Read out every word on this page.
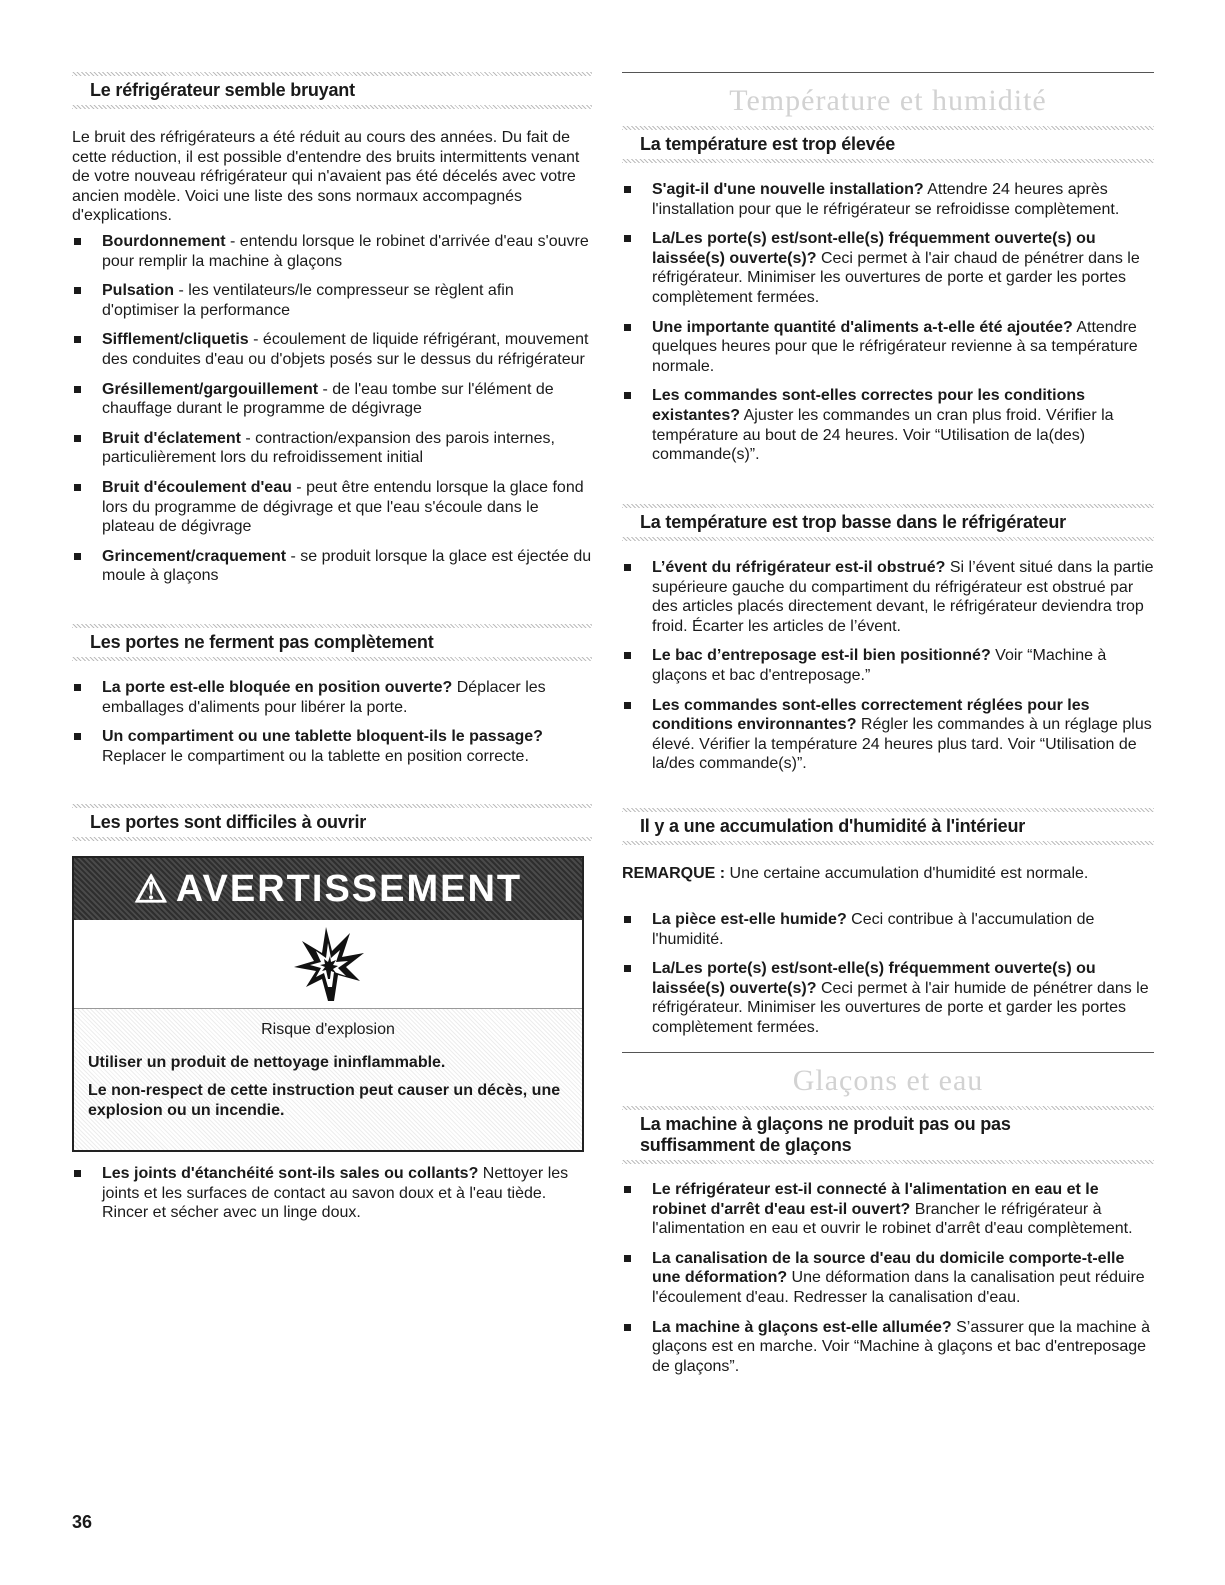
Le réfrigérateur semble bruyant
Le bruit des réfrigérateurs a été réduit au cours des années. Du fait de cette réduction, il est possible d'entendre des bruits intermittents venant de votre nouveau réfrigérateur qui n'avaient pas été décelés avec votre ancien modèle. Voici une liste des sons normaux accompagnés d'explications.
Bourdonnement - entendu lorsque le robinet d'arrivée d'eau s'ouvre pour remplir la machine à glaçons
Pulsation - les ventilateurs/le compresseur se règlent afin d'optimiser la performance
Sifflement/cliquetis - écoulement de liquide réfrigérant, mouvement des conduites d'eau ou d'objets posés sur le dessus du réfrigérateur
Grésillement/gargouillement - de l'eau tombe sur l'élément de chauffage durant le programme de dégivrage
Bruit d'éclatement - contraction/expansion des parois internes, particulièrement lors du refroidissement initial
Bruit d'écoulement d'eau - peut être entendu lorsque la glace fond lors du programme de dégivrage et que l'eau s'écoule dans le plateau de dégivrage
Grincement/craquement - se produit lorsque la glace est éjectée du moule à glaçons
Les portes ne ferment pas complètement
La porte est-elle bloquée en position ouverte? Déplacer les emballages d'aliments pour libérer la porte.
Un compartiment ou une tablette bloquent-ils le passage? Replacer le compartiment ou la tablette en position correcte.
Les portes sont difficiles à ouvrir
⚠ AVERTISSEMENT
Risque d'explosion
Utiliser un produit de nettoyage ininflammable.
Le non-respect de cette instruction peut causer un décès, une explosion ou un incendie.
Les joints d'étanchéité sont-ils sales ou collants? Nettoyer les joints et les surfaces de contact au savon doux et à l'eau tiède. Rincer et sécher avec un linge doux.
Température et humidité
La température est trop élevée
S'agit-il d'une nouvelle installation? Attendre 24 heures après l'installation pour que le réfrigérateur se refroidisse complètement.
La/Les porte(s) est/sont-elle(s) fréquemment ouverte(s) ou laissée(s) ouverte(s)? Ceci permet à l'air chaud de pénétrer dans le réfrigérateur. Minimiser les ouvertures de porte et garder les portes complètement fermées.
Une importante quantité d'aliments a-t-elle été ajoutée? Attendre quelques heures pour que le réfrigérateur revienne à sa température normale.
Les commandes sont-elles correctes pour les conditions existantes? Ajuster les commandes un cran plus froid. Vérifier la température au bout de 24 heures. Voir “Utilisation de la(des) commande(s)”.
La température est trop basse dans le réfrigérateur
L’évent du réfrigérateur est-il obstrué? Si l’évent situé dans la partie supérieure gauche du compartiment du réfrigérateur est obstrué par des articles placés directement devant, le réfrigérateur deviendra trop froid. Écarter les articles de l’évent.
Le bac d’entreposage est-il bien positionné? Voir “Machine à glaçons et bac d'entreposage.”
Les commandes sont-elles correctement réglées pour les conditions environnantes? Régler les commandes à un réglage plus élevé. Vérifier la température 24 heures plus tard. Voir “Utilisation de la/des commande(s)”.
Il y a une accumulation d'humidité à l'intérieur
REMARQUE : Une certaine accumulation d'humidité est normale.
La pièce est-elle humide? Ceci contribue à l'accumulation de l'humidité.
La/Les porte(s) est/sont-elle(s) fréquemment ouverte(s) ou laissée(s) ouverte(s)? Ceci permet à l'air humide de pénétrer dans le réfrigérateur. Minimiser les ouvertures de porte et garder les portes complètement fermées.
Glaçons et eau
La machine à glaçons ne produit pas ou pas
suffisamment de glaçons
Le réfrigérateur est-il connecté à l'alimentation en eau et le robinet d'arrêt d'eau est-il ouvert? Brancher le réfrigérateur à l'alimentation en eau et ouvrir le robinet d'arrêt d'eau complètement.
La canalisation de la source d'eau du domicile comporte-t-elle une déformation? Une déformation dans la canalisation peut réduire l'écoulement d'eau. Redresser la canalisation d'eau.
La machine à glaçons est-elle allumée? S’assurer que la machine à glaçons est en marche. Voir “Machine à glaçons et bac d'entreposage de glaçons”.
36
